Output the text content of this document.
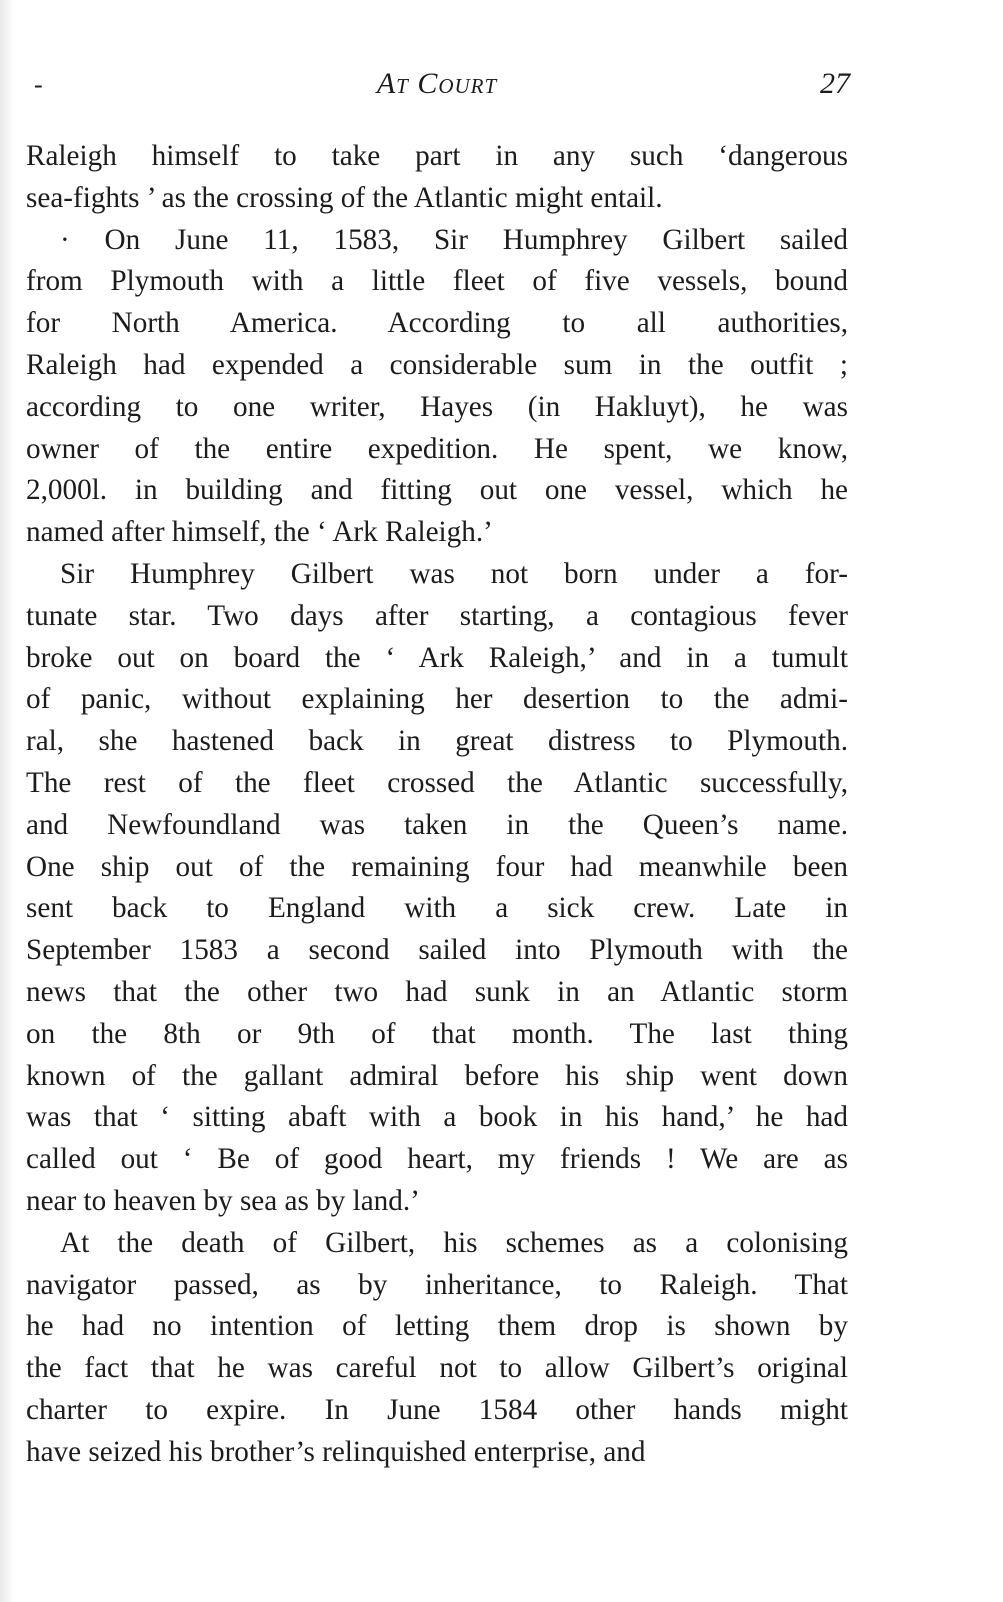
-	At Court	27
Raleigh himself to take part in any such ‘dangerous
sea-fights ’ as the crossing of the Atlantic might entail.
· On June 11, 1583, Sir Humphrey Gilbert sailed
from Plymouth with a little fleet of five vessels, bound
for North America. According to all authorities,
Raleigh had expended a considerable sum in the outfit ;
according to one writer, Hayes (in Hakluyt), he was
owner of the entire expedition. He spent, we know,
2,000l. in building and fitting out one vessel, which he
named after himself, the ‘ Ark Raleigh.’
Sir Humphrey Gilbert was not born under a for-
tunate star. Two days after starting, a contagious fever
broke out on board the ‘ Ark Raleigh,’ and in a tumult
of panic, without explaining her desertion to the admi-
ral, she hastened back in great distress to Plymouth.
The rest of the fleet crossed the Atlantic successfully,
and Newfoundland was taken in the Queen’s name.
One ship out of the remaining four had meanwhile been
sent back to England with a sick crew. Late in
September 1583 a second sailed into Plymouth with the
news that the other two had sunk in an Atlantic storm
on the 8th or 9th of that month. The last thing
known of the gallant admiral before his ship went down
was that ‘ sitting abaft with a book in his hand,’ he had
called out ‘ Be of good heart, my friends ! We are as
near to heaven by sea as by land.’
At the death of Gilbert, his schemes as a colonising
navigator passed, as by inheritance, to Raleigh. That
he had no intention of letting them drop is shown by
the fact that he was careful not to allow Gilbert’s original
charter to expire. In June 1584 other hands might
have seized his brother’s relinquished enterprise, and
